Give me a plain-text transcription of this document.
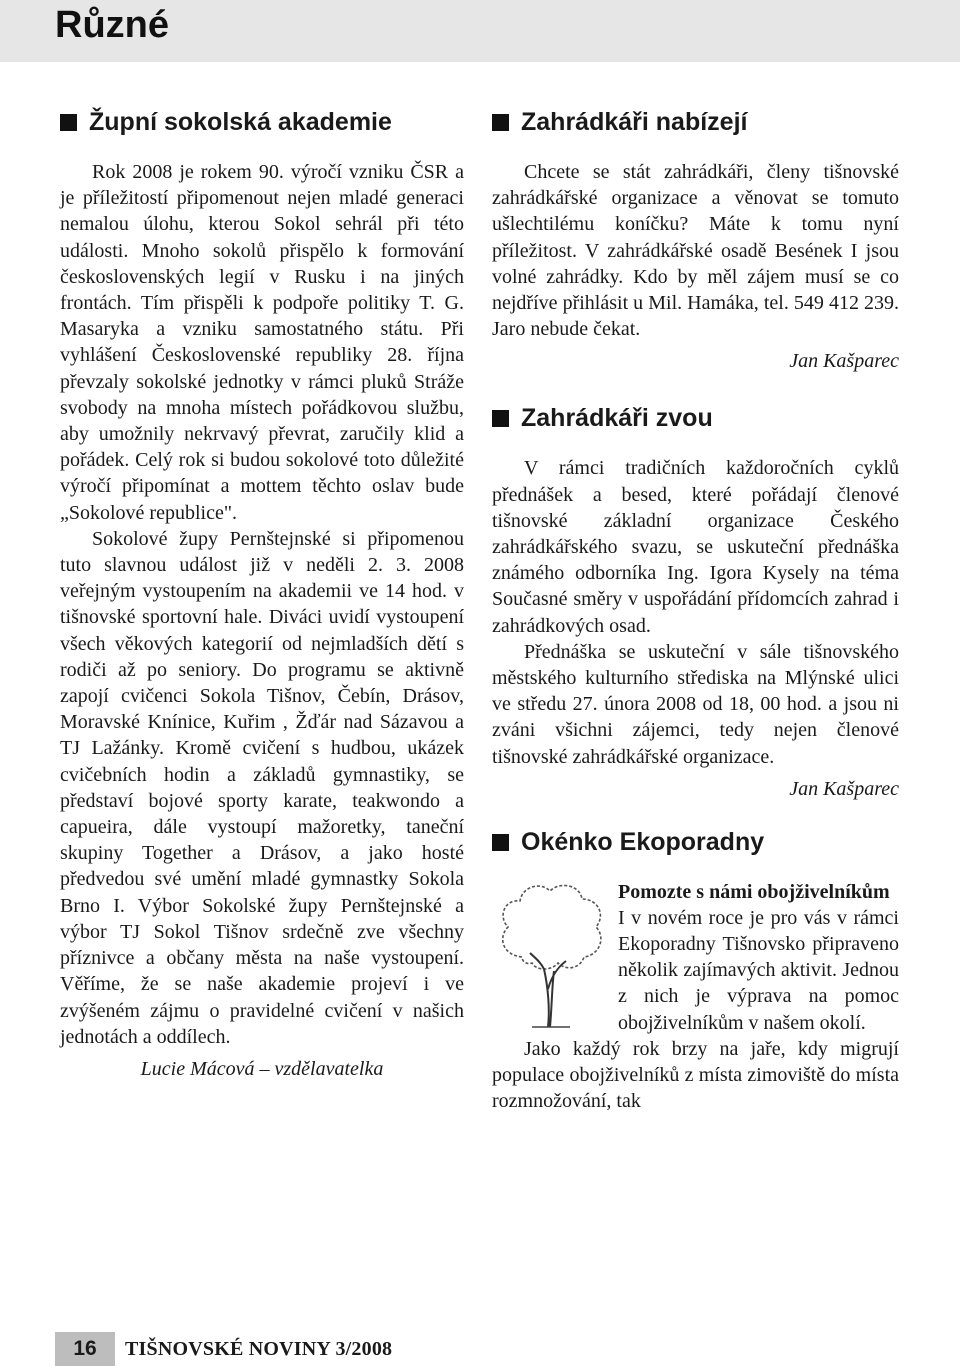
Různé
Župní sokolská akademie

Rok 2008 je rokem 90. výročí vzniku ČSR a je příležitostí připomenout nejen mladé generaci nemalou úlohu, kterou Sokol sehrál při této události. Mnoho sokolů přispělo k formování československých legií v Rusku i na jiných frontách. Tím přispěli k podpoře politiky T. G. Masaryka a vzniku samostatného státu. Při vyhlášení Československé republiky 28. října převzaly sokolské jednotky v rámci pluků Stráže svobody na mnoha místech pořádkovou službu, aby umožnily nekrvavý převrat, zaručily klid a pořádek. Celý rok si budou sokolové toto důležité výročí připomínat a mottem těchto oslav bude „Sokolové republice".

Sokolové župy Pernštejnské si připomenou tuto slavnou událost již v neděli 2. 3. 2008 veřejným vystoupením na akademii ve 14 hod. v tišnovské sportovní hale. Diváci uvidí vystoupení všech věkových kategorií od nejmladších dětí s rodiči až po seniory. Do programu se aktivně zapojí cvičenci Sokola Tišnov, Čebín, Drásov, Moravské Knínice, Kuřim , Žďár nad Sázavou a TJ Lažánky. Kromě cvičení s hudbou, ukázek cvičebních hodin a základů gymnastiky, se představí bojové sporty karate, teakwondo a capueira, dále vystoupí mažoretky, taneční skupiny Together a Drásov, a jako hosté předvedou své umění mladé gymnastky Sokola Brno I. Výbor Sokolské župy Pernštejnské a výbor TJ Sokol Tišnov srdečně zve všechny příznivce a občany města na naše vystoupení. Věříme, že se naše akademie projeví i ve zvýšeném zájmu o pravidelné cvičení v našich jednotách a oddílech.

Lucie Mácová – vzdělavatelka

Zahrádkáři nabízejí

Chcete se stát zahrádkáři, členy tišnovské zahrádkářské organizace a věnovat se tomuto ušlechtilému koníčku? Máte k tomu nyní příležitost. V zahrádkářské osadě Besének I jsou volné zahrádky. Kdo by měl zájem musí se co nejdříve přihlásit u Mil. Hamáka, tel. 549 412 239. Jaro nebude čekat.

Jan Kašparec

Zahrádkáři zvou

V rámci tradičních každoročních cyklů přednášek a besed, které pořádají členové tišnovské základní organizace Českého zahrádkářského svazu, se uskuteční přednáška známého odborníka Ing. Igora Kysely na téma Současné směry v uspořádání přídomcích zahrad i zahrádkových osad.

Přednáška se uskuteční v sále tišnovského městského kulturního střediska na Mlýnské ulici ve středu 27. února 2008 od 18, 00 hod. a jsou ni zváni všichni zájemci, tedy nejen členové tišnovské zahrádkářské organizace.

Jan Kašparec

Okénko Ekoporadny

Pomozte s námi obojživelníkům

I v novém roce je pro vás v rámci Ekoporadny Tišnovsko připraveno několik zajímavých aktivit. Jednou z nich je výprava na pomoc obojživelníkům v našem okolí.

Jako každý rok brzy na jaře, kdy migrují populace obojživelníků z místa zimoviště do místa rozmnožování, tak

16	TIŠNOVSKÉ NOVINY 3/2008
